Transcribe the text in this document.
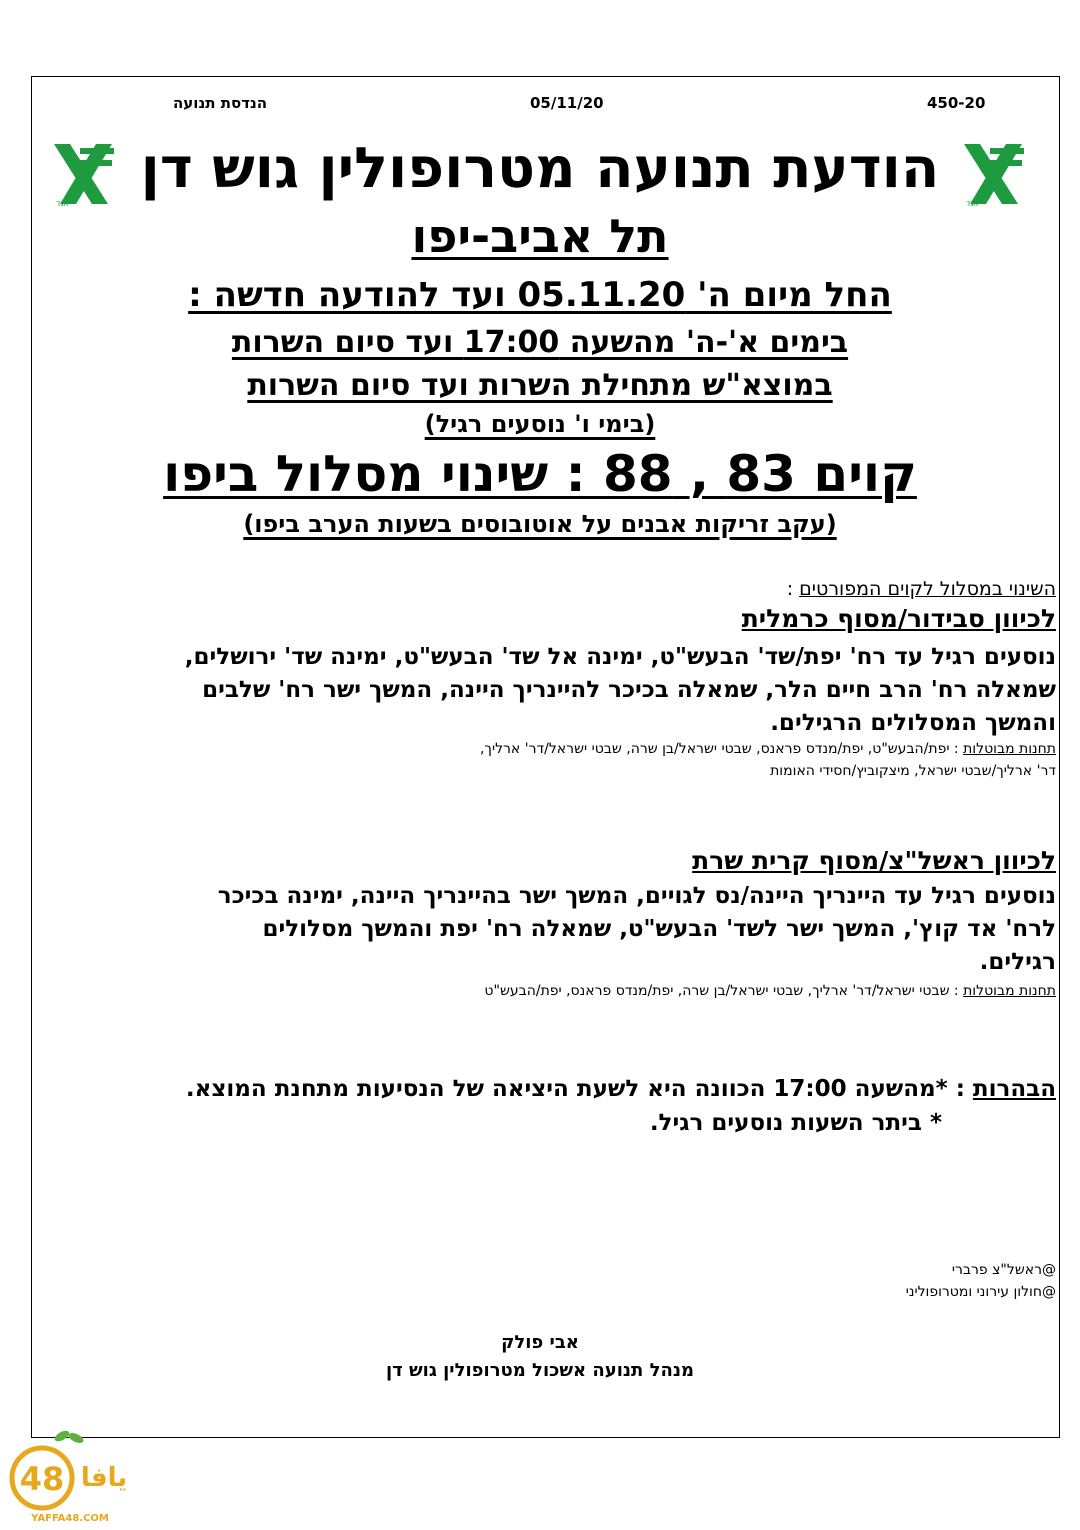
הנדסת תנועה	05/11/20	450-20
אגד	אגד
הודעת תנועה מטרופולין גוש דן
תל אביב-יפו
החל מיום ה' 05.11.20 ועד להודעה חדשה :
בימים א'-ה' מהשעה 17:00 ועד סיום השרות
במוצא"ש מתחילת השרות ועד סיום השרות
(בימי ו' נוסעים רגיל)
קוים 83 , 88 : שינוי מסלול ביפו
(עקב זריקות אבנים על אוטובוסים בשעות הערב ביפו)
השינוי במסלול לקוים המפורטים :
לכיוון סבידור/מסוף כרמלית
נוסעים רגיל עד רח' יפת/שד' הבעש"ט, ימינה אל שד' הבעש"ט, ימינה שד' ירושלים,
שמאלה רח' הרב חיים הלר, שמאלה בכיכר להיינריך היינה, המשך ישר רח' שלבים
והמשך המסלולים הרגילים.
תחנות מבוטלות : יפת/הבעש"ט, יפת/מנדס פראנס, שבטי ישראל/בן שרה, שבטי ישראל/דר' ארליך,
דר' ארליך/שבטי ישראל, מיצקוביץ/חסידי האומות
לכיוון ראשל"צ/מסוף קרית שרת
נוסעים רגיל עד היינריך היינה/נס לגויים, המשך ישר בהיינריך היינה, ימינה בכיכר
לרח' אד קוץ', המשך ישר לשד' הבעש"ט, שמאלה רח' יפת והמשך מסלולים
רגילים.
תחנות מבוטלות : שבטי ישראל/דר' ארליך, שבטי ישראל/בן שרה, יפת/מנדס פראנס, יפת/הבעש"ט
הבהרות : *מהשעה 17:00 הכוונה היא לשעת היציאה של הנסיעות מתחנת המוצא.
* ביתר השעות נוסעים רגיל.
@ראשל"צ פרברי
@חולון עירוני ומטרופוליני
אבי פולק
מנהל תנועה אשכול מטרופולין גוש דן
48 يافا
YAFFA48.COM
